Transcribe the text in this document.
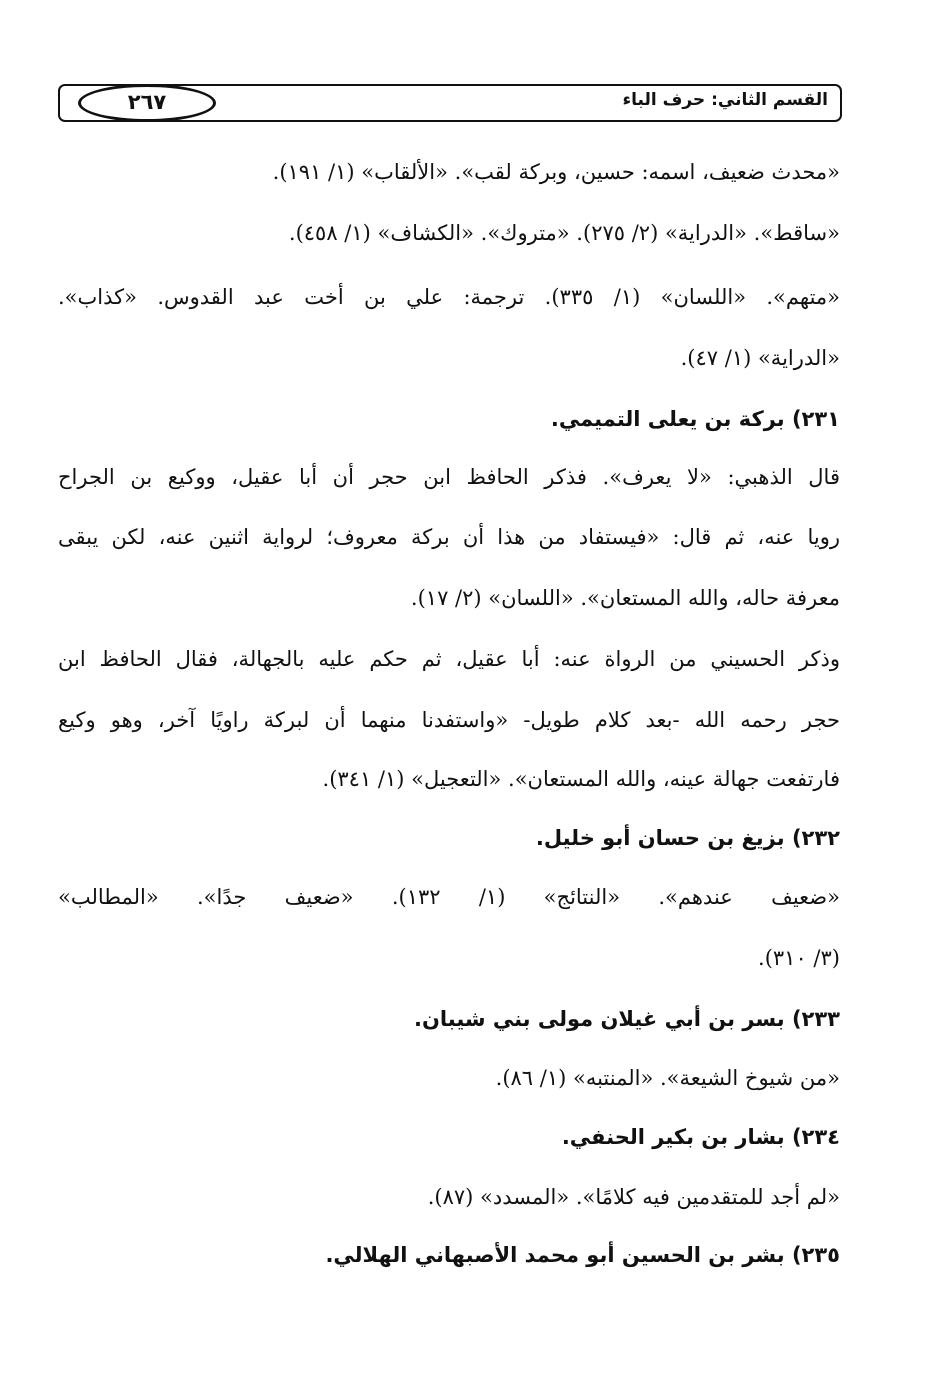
القسم الثاني: حرف الباء
٢٦٧
«محدث ضعيف، اسمه: حسين، وبركة لقب». «الألقاب» (١/ ١٩١).
«ساقط». «الدراية» (٢/ ٢٧٥). «متروك». «الكشاف» (١/ ٤٥٨).
«متهم». «اللسان» (١/ ٣٣٥). ترجمة: علي بن أخت عبد القدوس. «كذاب».
«الدراية» (١/ ٤٧).
٢٣١) بركة بن يعلى التميمي.
قال الذهبي: «لا يعرف». فذكر الحافظ ابن حجر أن أبا عقيل، ووكيع بن الجراح
رويا عنه، ثم قال: «فيستفاد من هذا أن بركة معروف؛ لرواية اثنين عنه، لكن يبقى
معرفة حاله، والله المستعان». «اللسان» (٢/ ١٧).
وذكر الحسيني من الرواة عنه: أبا عقيل، ثم حكم عليه بالجهالة، فقال الحافظ ابن
حجر رحمه الله -بعد كلام طويل- «واستفدنا منهما أن لبركة راويًا آخر، وهو وكيع
فارتفعت جهالة عينه، والله المستعان». «التعجيل» (١/ ٣٤١).
٢٣٢) بزيغ بن حسان أبو خليل.
«ضعيف عندهم». «النتائج» (١/ ١٣٢). «ضعيف جدًا». «المطالب»
(٣/ ٣١٠).
٢٣٣) بسر بن أبي غيلان مولى بني شيبان.
«من شيوخ الشيعة». «المنتبه» (١/ ٨٦).
٢٣٤) بشار بن بكير الحنفي.
«لم أجد للمتقدمين فيه كلامًا». «المسدد» (٨٧).
٢٣٥) بشر بن الحسين أبو محمد الأصبهاني الهلالي.
